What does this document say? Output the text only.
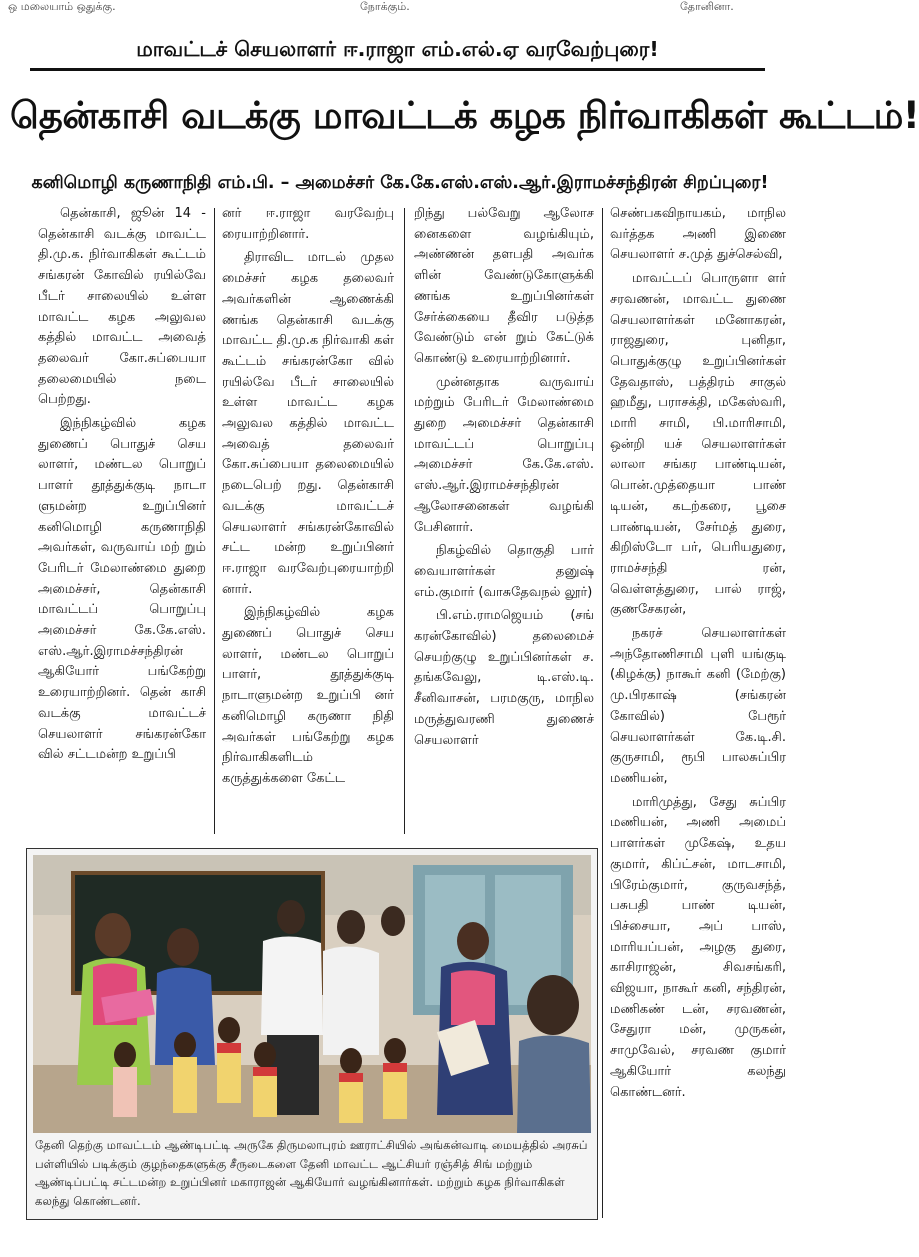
ஒ மலையாம் ஒதுக்கு.	நோக்கும்.	தோனினா.
மாவட்டச் செயலாளர் ஈ.ராஜா எம்.எல்.ஏ வரவேற்புரை!
தென்காசி வடக்கு மாவட்டக் கழக நிர்வாகிகள் கூட்டம்!
கனிமொழி கருணாநிதி எம்.பி. – அமைச்சர் கே.கே.எஸ்.எஸ்.ஆர்.இராமச்சந்திரன் சிறப்புரை!

தென்காசி, ஜூன் 14 - தென்காசி வடக்கு மாவட்ட தி.மு.க. நிர்வாகிகள் கூட்டம் சங்கரன் கோவில் ரயில்வே பீடர் சாலையில் உள்ள மாவட்ட கழக அலுவல கத்தில் மாவட்ட அவைத் தலைவர் கோ.சுப்பையா தலைமையில் நடை பெற்றது.

இந்நிகழ்வில் கழக துணைப் பொதுச் செய லாளர், மண்டல பொறுப் பாளர் தூத்துக்குடி நாடா ளுமன்ற உறுப்பினர் கனிமொழி கருணாநிதி அவர்கள், வருவாய் மற் றும் பேரிடர் மேலாண்மை துறை அமைச்சர், தென்காசி மாவட்டப் பொறுப்பு அமைச்சர் கே.கே.எஸ். எஸ்.ஆர்.இராமச்சந்திரன் ஆகியோர் பங்கேற்று உரையாற்றினர். தென் காசி வடக்கு மாவட்டச் செயலாளர் சங்கரன்கோ வில் சட்டமன்ற உறுப்பி

னர் ஈ.ராஜா வரவேற்பு ரையாற்றினார்.

திராவிட மாடல் முதல மைச்சர் கழக தலைவர் அவர்களின் ஆணைக்கி ணங்க தென்காசி வடக்கு மாவட்ட தி.மு.க நிர்வாகி கள் கூட்டம் சங்கரன்கோ வில் ரயில்வே பீடர் சாலையில் உள்ள மாவட்ட கழக அலுவல கத்தில் மாவட்ட அவைத் தலைவர் கோ.சுப்பையா தலைமையில் நடைபெற் றது. தென்காசி வடக்கு மாவட்டச் செயலாளர் சங்கரன்கோவில் சட்ட மன்ற உறுப்பினர் ஈ.ராஜா வரவேற்புரையாற்றி னார்.

இந்நிகழ்வில் கழக துணைப் பொதுச் செய லாளர், மண்டல பொறுப் பாளர், தூத்துக்குடி நாடாளுமன்ற உறுப்பி னர் கனிமொழி கருணா நிதி அவர்கள் பங்கேற்று கழக நிர்வாகிகளிடம் கருத்துக்களை கேட்ட

றிந்து பல்வேறு ஆலோச னைகளை வழங்கியும், அண்ணன் தளபதி அவர்க ளின் வேண்டுகோளுக்கி ணங்க உறுப்பினர்கள் சேர்க்கையை தீவிர படுத்த வேண்டும் என் றும் கேட்டுக் கொண்டு உரையாற்றினார்.

முன்னதாக வருவாய் மற்றும் பேரிடர் மேலாண்மை துறை அமைச்சர் தென்காசி மாவட்டப் பொறுப்பு அமைச்சர் கே.கே.எஸ். எஸ்.ஆர்.இராமச்சந்திரன் ஆலோசனைகள் வழங்கி பேசினார்.

நிகழ்வில் தொகுதி பார் வையாளர்கள் தனுஷ் எம்.குமார் (வாசுதேவநல் லூர்)

பி.எம்.ராமஜெயம் (சங் கரன்கோவில்) தலைமைச் செயற்குழு உறுப்பினர்கள் ச. தங்கவேலு, டி.எஸ்.டி. சீனிவாசன், பரமகுரு, மாநில மருத்துவரணி துணைச் செயலாளர்

செண்பகவிநாயகம், மாநில வர்த்தக அணி இணை செயலாளர் ச.முத் துச்செல்வி,

மாவட்டப் பொருளா ளர் சரவணன், மாவட்ட துணை செயலாளர்கள் மனோகரன், ராஜதுரை, புனிதா, பொதுக்குழு உறுப்பினர்கள் தேவதாஸ், பத்திரம் சாகுல் ஹமீது, பராசக்தி, மகேஸ்வரி, மாரி சாமி, பி.மாரிசாமி, ஒன்றி யச் செயலாளர்கள் லாலா சங்கர பாண்டியன், பொன்.முத்தையா பாண் டியன், கடற்கரை, பூசை பாண்டியன், சேர்மத் துரை, கிறிஸ்டோ பர், பெரியதுரை, ராமச்சந்தி ரன், வெள்ளத்துரை, பால் ராஜ், குணசேகரன்,

நகரச் செயலாளர்கள் அந்தோணிசாமி புளி யங்குடி (கிழக்கு) நாகூர் கனி (மேற்கு) மு.பிரகாஷ் (சங்கரன் கோவில்) பேரூர் செயலாளர்கள் கே.டி.சி. குருசாமி, ரூபி பாலசுப்பிர மணியன்,

மாரிமுத்து, சேது சுப்பிர மணியன், அணி அமைப் பாளர்கள் முகேஷ், உதய குமார், கிப்ட்சன், மாடசாமி, பிரேம்குமார், குருவசந்த், பசுபதி பாண் டியன், பிச்சையா, அப் பாஸ், மாரியப்பன், அழகு துரை, காசிராஜன், சிவசங்கரி, விஜயா, நாகூர் கனி, சந்திரன், மணிகண் டன், சரவணன், சேதுரா மன், முருகன், சாமுவேல், சரவண குமார் ஆகியோர் கலந்து கொண்டனர்.

தேனி தெற்கு மாவட்டம் ஆண்டிபட்டி அருகே திருமலாபுரம் ஊராட்சியில் அங்கன்வாடி மையத்தில் அரசுப் பள்ளியில் படிக்கும் குழந்தைகளுக்கு சீருடைகளை தேனி மாவட்ட ஆட்சியர் ரஞ்சித் சிங் மற்றும் ஆண்டிப்பட்டி சட்டமன்ற உறுப்பினர் மகாராஜன் ஆகியோர் வழங்கினார்கள். மற்றும் கழக நிர்வாகிகள் கலந்து கொண்டனர்.
